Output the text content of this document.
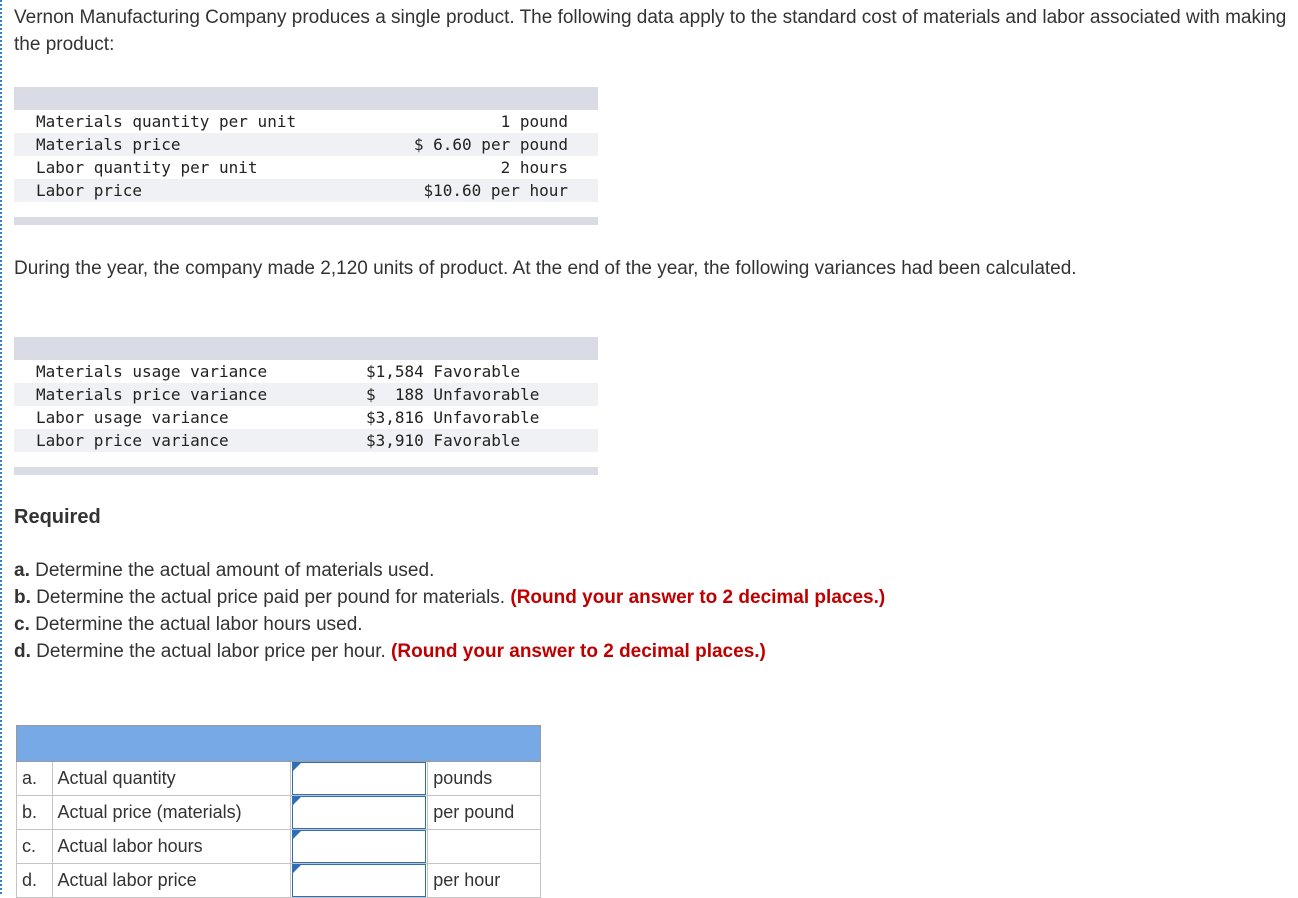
Vernon Manufacturing Company produces a single product. The following data apply to the standard cost of materials and labor associated with making the product:

Materials quantity per unit	1 pound
Materials price	$ 6.60 per pound
Labor quantity per unit	2 hours
Labor price	$10.60 per hour

During the year, the company made 2,120 units of product. At the end of the year, the following variances had been calculated.

Materials usage variance	$1,584 Favorable
Materials price variance	$  188 Unfavorable
Labor usage variance	$3,816 Unfavorable
Labor price variance	$3,910 Favorable
Required
a. Determine the actual amount of materials used.
b. Determine the actual price paid per pound for materials. (Round your answer to 2 decimal places.)
c. Determine the actual labor hours used.
d. Determine the actual labor price per hour. (Round your answer to 2 decimal places.)

a.	Actual quantity		pounds
b.	Actual price (materials)		per pound
c.	Actual labor hours	

d.	Actual labor price		per hour
